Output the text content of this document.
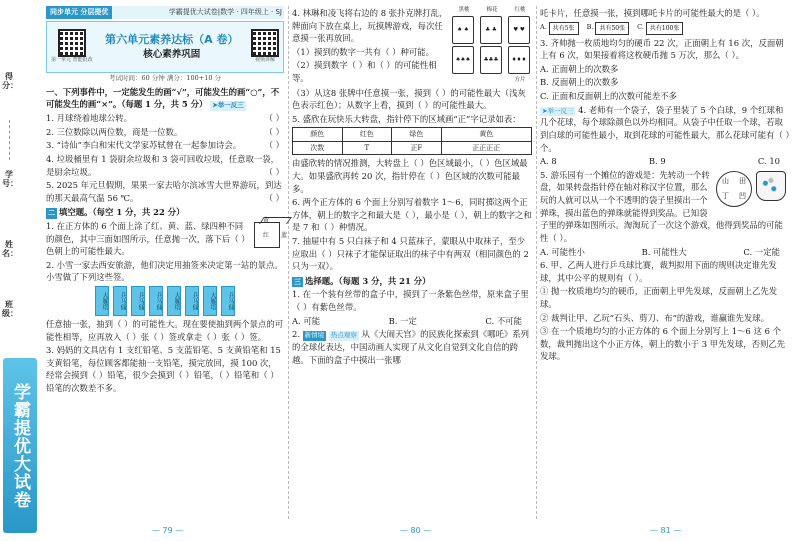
得分：
学号：
姓名：
班级：
学霸提优大试卷
同步单元 分层提优	学霸提优大试卷|数学 · 四年级上 · SJ
第一单元 智能批改
第六单元素养达标（A 卷）
核心素养巩固
视频讲解
考试时间：60 分钟 满分：100+10 分
一、下列事件中，一定能发生的画“√”，可能发生的画“○”，不可能发生的画“×”。（每题 1 分，共 5 分） ➤举一反三
1. 月球绕着地球公转。	（ ）
2. 三位数除以两位数，商是一位数。	（ ）
3. “诗仙”李白和宋代文学家苏轼曾在一起参加诗会。	（ ）
4. 垃圾桶里有 1 袋厨余垃圾和 3 袋可回收垃圾，任意取一袋，是厨余垃圾。	（ ）
5. 2025 年元旦假期，果果一家去哈尔滨冰雪大世界游玩，到达的那天最高气温 56 ℃。	（ ）
二 填空题。（每空 1 分，共 22 分）
黄
红 蓝
1. 在正方体的 6 个面上涂了红、黄、蓝、绿四种不同的颜色，其中三面如图所示，任意抛一次，落下后（ ）色朝上的可能性最大。
2. 小雪一家去西安旅游，他们决定用抽签来决定第一站的景点。小雪做了下列这些签。
大雁塔	兵马俑	兵马俑	兵马俑	大雁塔	兵马俑	大雁塔	兵马俑
任意抽一张，抽到（ ）的可能性大。现在要使抽到两个景点的可能性相等，应再放入（ ）张（ ）签或拿走（ ）张（ ）签。
3. 妈妈的文具店有 1 支红铅笔、5 支蓝铅笔、5 支黄铅笔和 15 支黄铅笔，每位顾客都能抽一支铅笔，摸完放回，摸 100 次，经常会摸到（ ）铅笔，很少会摸到（ ）铅笔，（ ）铅笔和（ ）铅笔的次数差不多。
— 79 —
黑桃	梅花	红桃
♠ ♠	♣ ♣	♥ ♥
♠♠♠	♣♣♣	♦♦♦
方片
4. 林琳和凌飞将右边的 8 张扑克牌打乱，牌面向下放在桌上，玩摸牌游戏，每次任意摸一张再放回。
（1）摸到的数字一共有（ ）种可能。
（2）摸到数字（ ）和（ ）的可能性相等。
（3）从这8 张牌中任意摸一张，摸到（ ）的可能性最大（浅灰色表示红色）；从数字上看，摸到（ ）的可能性最大。
5. 盛欣在玩快乐大转盘，指针停下的区域画“正”字记录如表：
颜色	红色	绿色	黄色
次数	T	正F	正正正正
由盛欣转的情况推测，大转盘上（ ）色区域最小，（ ）色区域最大。如果盛欣再转 20 次，指针停在（ ）色区域的次数可能最多。
6. 两个正方体的 6 个面上分别写着数字 1～6，同时掷这两个正方体，朝上的数字之和最大是（ ），最小是（ ），朝上的数字之和是 7 和（ ）种情况。
7. 抽屉中有 5 只白袜子和 4 只蓝袜子，蒙眼从中取袜子，至少应取出（ ）只袜子才能保证取出的袜子中有两双（相同颜色的 2 只为一双）。
三 选择题。（每题 3 分，共 21 分）
1. 在一个装有丝带的盒子中，摸到了一条紫色丝带，原来盒子里（ ）有紫色丝带。
A. 可能	B. 一定	C. 不可能
2. 新情境 热点观察 从《大闹天宫》的民族化探索到《哪吒》系列的全球化表达，中国动画人实现了从文化自觉到文化自信的跨越。下面的盒子中摸出一张哪
— 80 —
吒卡片，任意摸一张，摸到哪吒卡片的可能性最大的是（ ）。
A.	共有5张	B.	共有50张	C.	共有100张
3. 齐帅抛一枚质地均匀的硬币 22 次，正面朝上有 16 次，反面朝上有 6 次，如果接着将这枚硬币抛 5 万次，那么（ ）。
A. 正面朝上的次数多
B. 反面朝上的次数多
C. 正面和反面朝上的次数可能差不多
➤举一反三 4. 老师有一个袋子，袋子里装了 5 个白球，9 个红球和几个花球，每个球除颜色以外均相同。从袋子中任取一个球，若取到白球的可能性最小，取到花球的可能性最大，那么花球可能有（ ）个。
A. 8	B. 9	C. 10
山 田
丁 凹
5. 游乐园有一个摊位的游戏是：先转动一个转盘，如果转盘指针停在轴对称汉字位置，那么玩的人就可以从一个不透明的袋子里摸出一个弹珠，摸出蓝色的弹珠就能得到奖品。已知袋子里的弹珠如图所示。淘淘玩了一次这个游戏，他得到奖品的可能性（ ）。
A. 可能性小	B. 可能性大	C. 一定能
6. 甲、乙两人进行乒乓球比赛，裁判拟用下面的规则决定谁先发球，其中公平的规则有（ ）。
① 抛一枚质地均匀的硬币，正面朝上甲先发球，反面朝上乙先发球。
② 裁判让甲、乙玩“石头、剪刀、布”的游戏，谁赢谁先发球。
③ 在一个质地均匀的小正方体的 6 个面上分别写上 1～6 这 6 个数，裁判抛出这个小正方体，朝上的数小于 3 甲先发球，否则乙先发球。
— 81 —
